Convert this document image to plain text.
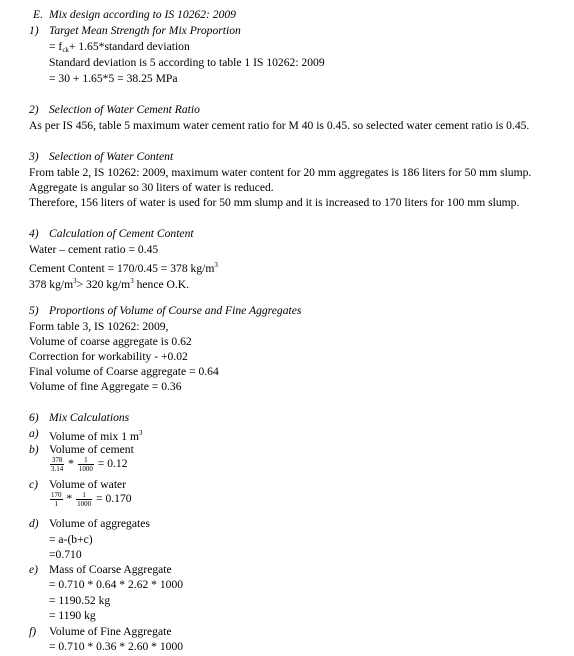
E. Mix design according to IS 10262: 2009
1) Target Mean Strength for Mix Proportion
= $f_{ck}+$ 1.65*standard deviation
Standard deviation is 5 according to table 1 IS 10262: 2009
= 30 + 1.65*5 = 38.25 MPa
2) Selection of Water Cement Ratio
As per IS 456, table 5 maximum water cement ratio for M 40 is 0.45. so selected water cement ratio is 0.45.
3) Selection of Water Content
From table 2, IS 10262: 2009, maximum water content for 20 mm aggregates is 186 liters for 50 mm slump.
Aggregate is angular so 30 liters of water is reduced.
Therefore, 156 liters of water is used for 50 mm slump and it is increased to 170 liters for 100 mm slump.
4) Calculation of Cement Content
Water – cement ratio = 0.45
Cement Content = 170/0.45 = 378 $kg/m^3$
378 $kg/m^3> 320$ $kg/m^3$ hence O.K.
5) Proportions of Volume of Course and Fine Aggregates
Form table 3, IS 10262: 2009,
Volume of coarse aggregate is 0.62
Correction for workability - +0.02
Final volume of Coarse aggregate = 0.64
Volume of fine Aggregate = 0.36
6) Mix Calculations
a) Volume of mix 1 $m^3$
b) Volume of cement
$\frac{378}{3.14} * \frac{1}{1000} = 0.12$
c) Volume of water
$\frac{170}{1} * \frac{1}{1000} = 0.170$
d) Volume of aggregates
= a-(b+c)
=0.710
e) Mass of Coarse Aggregate
= 0.710 * 0.64 * 2.62 * 1000
= 1190.52 kg
= 1190 kg
f) Volume of Fine Aggregate
= 0.710 * 0.36 * 2.60 * 1000
